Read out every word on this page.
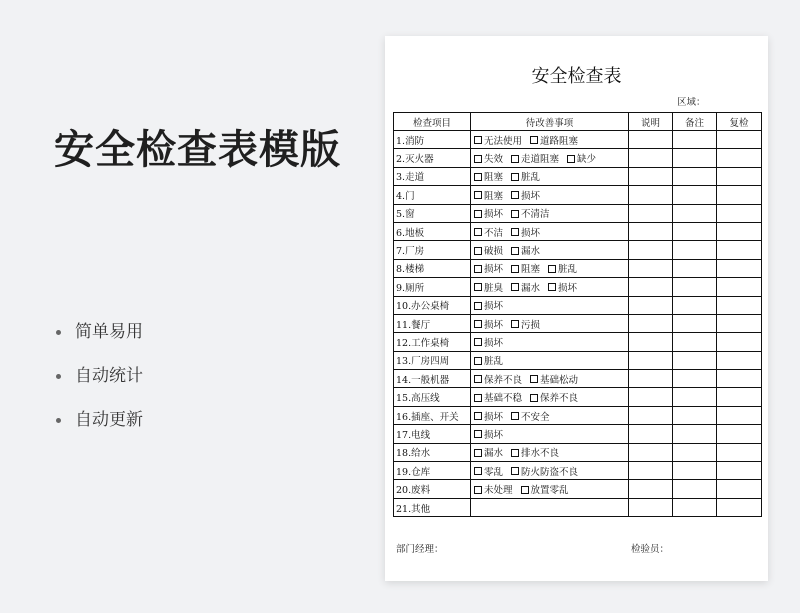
安全检查表模版
简单易用
自动统计
自动更新
安全检查表
区域：
检查项目	待改善事项	说明	备注	复检
1.消防	无法使用 道路阻塞			
2.灭火器	失效 走道阻塞 缺少			
3.走道	阻塞 脏乱			
4.门	阻塞 损坏			
5.窗	损坏 不清洁			
6.地板	不洁 损坏			
7.厂房	破损 漏水			
8.楼梯	损坏 阻塞 脏乱			
9.厕所	脏臭 漏水 损坏			
10.办公桌椅	损坏			
11.餐厅	损坏 污损			
12.工作桌椅	损坏			
13.厂房四周	脏乱			
14.一般机器	保养不良 基础松动			
15.高压线	基础不稳 保养不良			
16.插座、开关	损坏 不安全			
17.电线	损坏			
18.给水	漏水 排水不良			
19.仓库	零乱 防火防盗不良			
20.废料	未处理 放置零乱			
21.其他				
部门经理：	检验员：
